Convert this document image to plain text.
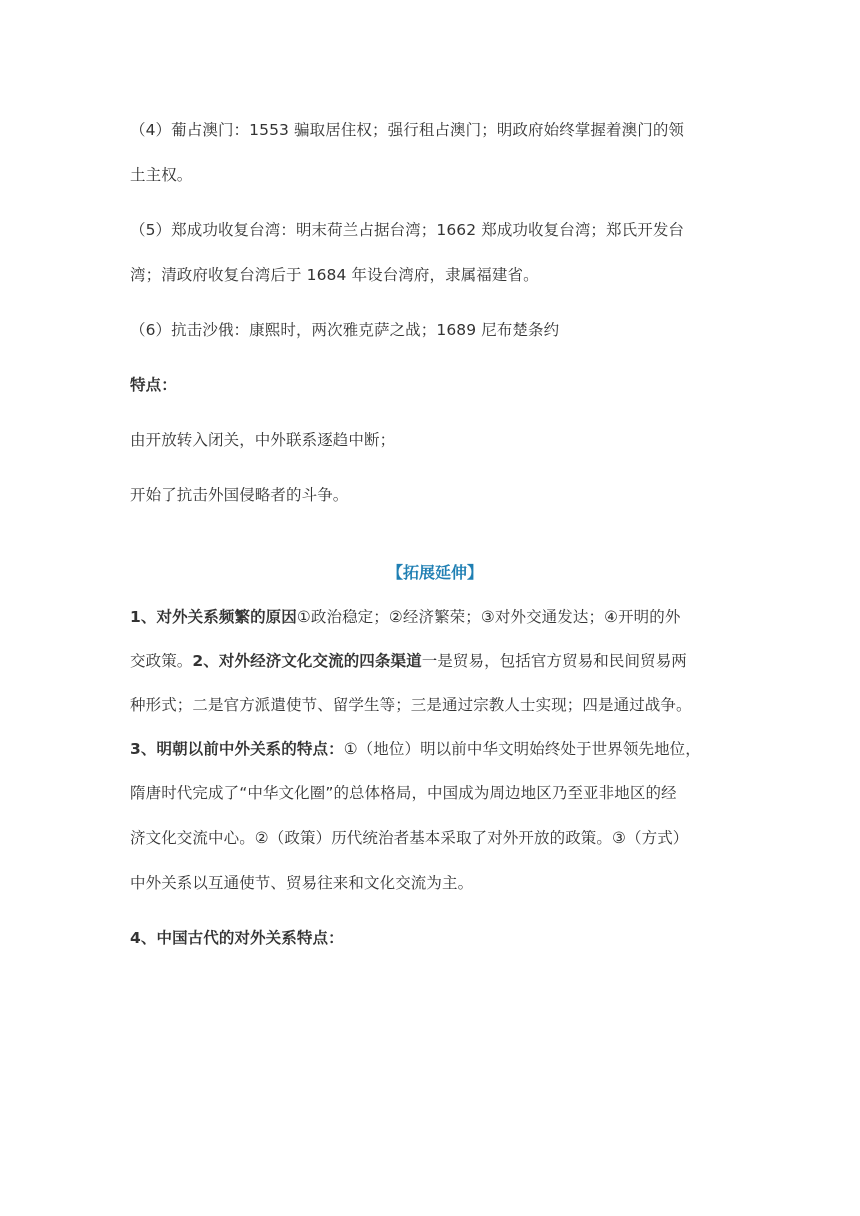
（4）葡占澳门：1553 骗取居住权；强行租占澳门；明政府始终掌握着澳门的领

土主权。

（5）郑成功收复台湾：明末荷兰占据台湾；1662 郑成功收复台湾；郑氏开发台

湾；清政府收复台湾后于 1684 年设台湾府，隶属福建省。

（6）抗击沙俄：康熙时，两次雅克萨之战；1689 尼布楚条约

特点：

由开放转入闭关，中外联系逐趋中断；

开始了抗击外国侵略者的斗争。

【拓展延伸】

1、对外关系频繁的原因①政治稳定；②经济繁荣；③对外交通发达；④开明的外

交政策。2、对外经济文化交流的四条渠道一是贸易，包括官方贸易和民间贸易两

种形式；二是官方派遣使节、留学生等；三是通过宗教人士实现；四是通过战争。

3、明朝以前中外关系的特点：①（地位）明以前中华文明始终处于世界领先地位，

隋唐时代完成了“中华文化圈”的总体格局，中国成为周边地区乃至亚非地区的经

济文化交流中心。②（政策）历代统治者基本采取了对外开放的政策。③（方式）

中外关系以互通使节、贸易往来和文化交流为主。

4、中国古代的对外关系特点：
